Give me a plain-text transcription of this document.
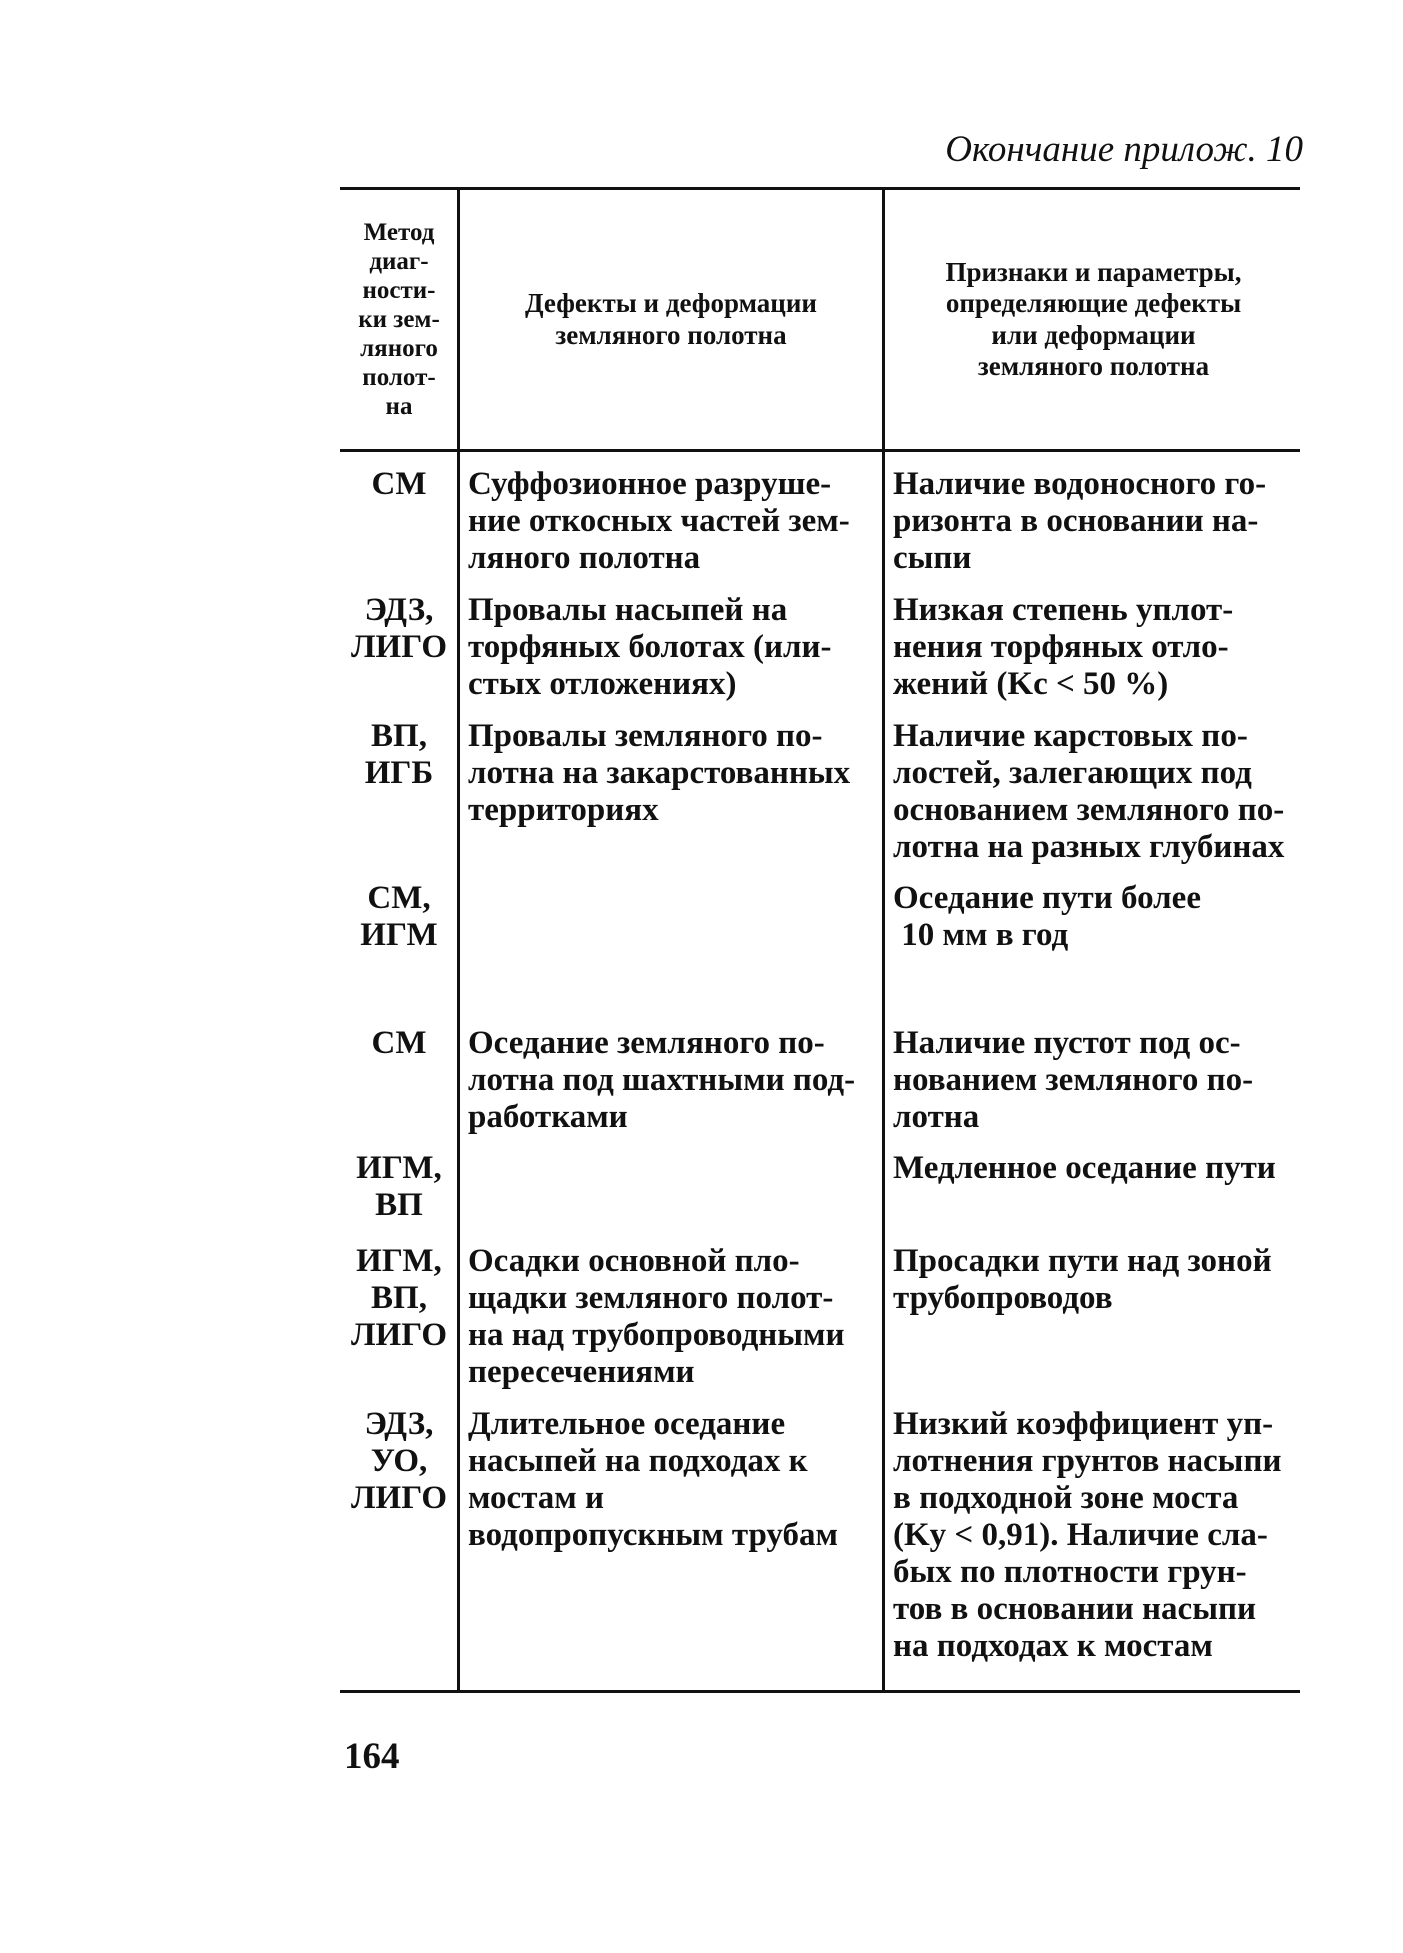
Окончание прилож. 10
Метод
диаг-
ности-
ки зем-
ляного
полот-
на
Дефекты и деформации
земляного полотна
Признаки и параметры,
определяющие дефекты
или деформации
земляного полотна
СМ	Суффозионное разруше-
ние откосных частей зем-
ляного полотна
Наличие водоносного го-
ризонта в основании на-
сыпи
ЭДЗ,
ЛИГО
Провалы насыпей на
торфяных болотах (или-
стых отложениях)
Низкая степень уплот-
нения торфяных отло-
жений (Kс < 50 %)
ВП,
ИГБ
Провалы земляного по-
лотна на закарстованных
территориях
Наличие карстовых по-
лостей, залегающих под
основанием земляного по-
лотна на разных глубинах
СМ,
ИГМ
Оседание пути более
10 мм в год
СМ	Оседание земляного по-
лотна под шахтными под-
работками
Наличие пустот под ос-
нованием земляного по-
лотна
ИГМ,
ВП
Медленное оседание пути
ИГМ,
ВП,
ЛИГО
Осадки основной пло-
щадки земляного полот-
на над трубопроводными
пересечениями
Просадки пути над зоной
трубопроводов
ЭДЗ,
УО,
ЛИГО
Длительное оседание
насыпей на подходах к
мостам и
водопропускным трубам
Низкий коэффициент уп-
лотнения грунтов насыпи
в подходной зоне моста
(Kу < 0,91). Наличие сла-
бых по плотности грун-
тов в основании насыпи
на подходах к мостам
164
